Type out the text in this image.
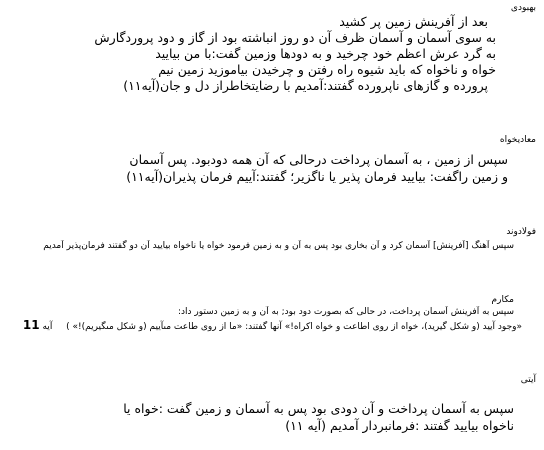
بهبودی
بعد از آفرینش زمین پر کشید
به سوی آسمان و آسمان ظرف آن دو روز انباشته بود از گاز و دود پروردگارش
به گرد عرش اعظم خود چرخید و به دودها وزمین گفت:با من بیایید
خواه و ناخواه که باید شیوه راه رفتن و چرخیدن بیاموزید زمین نیم
پرورده و گازهای ناپرورده گفتند:آمدیم با رضایتخاطراز دل و جان(آیه۱۱)
معادیخواه
سپس از زمین ، به آسمان پرداخت درحالی که آن همه دودبود. پس آسمان
و زمین راگفت: بیایید فرمان پذیر یا ناگزیر؛ گفتند:آییم فرمان پذیران(آیه۱۱)
فولادوند
سپس آهنگ [آفرينش‌] آسمان كرد و آن بخارى بود پس به آن و به زمين فرمود خواه يا ناخواه بياييد آن دو گفتند فرمان‌پذير آمديم
مکارم
سپس به آفرینش آسمان پرداخت، در حالى كه بصورت دود بود; به آن و به زمین دستور داد:
«وجود آیید (و شكل گیرید)، خواه از روى اطاعت و خواه اكراه!» آنها گفتند: «ما از روى طاعت مى‏آییم (و شكل مى‏گیریم)!» )  آیه 11
آیتی
سپس به آسمان پرداخت و آن دودی بود پس به آسمان و زمین گفت :خواه یا
ناخواه بیایید گفتند :فرمانبردار آمدیم (آیه ۱۱)
